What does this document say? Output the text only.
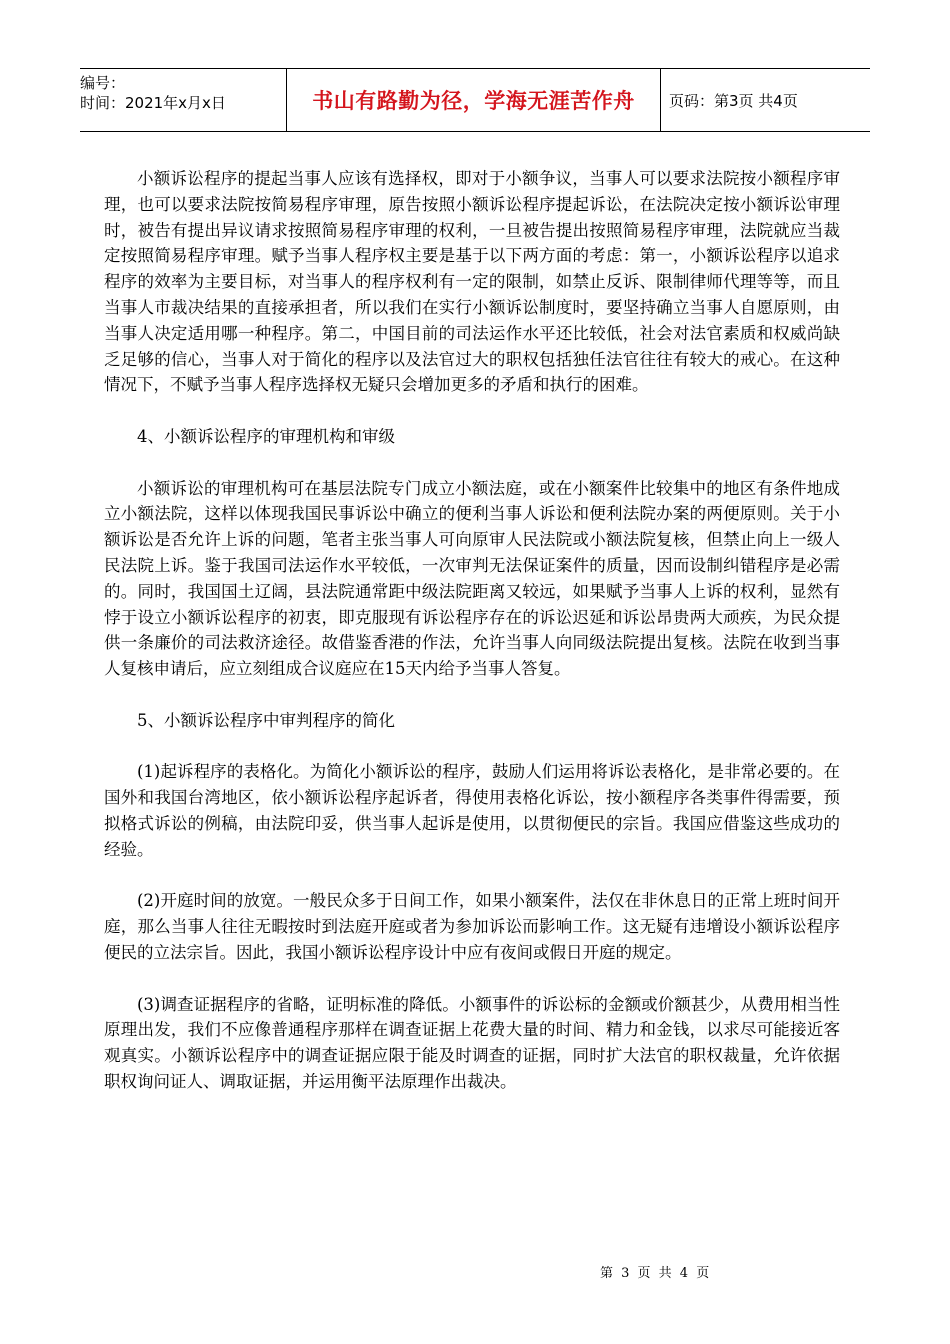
编号：
时间：2021年x月x日	书山有路勤为径，学海无涯苦作舟 页码：第3页 共4页

小额诉讼程序的提起当事人应该有选择权，即对于小额争议，当事人可以要求法院按小额程序审理，也可以要求法院按简易程序审理，原告按照小额诉讼程序提起诉讼，在法院决定按小额诉讼审理时，被告有提出异议请求按照简易程序审理的权利，一旦被告提出按照简易程序审理，法院就应当裁定按照简易程序审理。赋予当事人程序权主要是基于以下两方面的考虑：第一，小额诉讼程序以追求程序的效率为主要目标，对当事人的程序权利有一定的限制，如禁止反诉、限制律师代理等等，而且当事人市裁决结果的直接承担者，所以我们在实行小额诉讼制度时，要坚持确立当事人自愿原则，由当事人决定适用哪一种程序。第二，中国目前的司法运作水平还比较低，社会对法官素质和权威尚缺乏足够的信心，当事人对于简化的程序以及法官过大的职权包括独任法官往往有较大的戒心。在这种情况下，不赋予当事人程序选择权无疑只会增加更多的矛盾和执行的困难。

4、小额诉讼程序的审理机构和审级

小额诉讼的审理机构可在基层法院专门成立小额法庭，或在小额案件比较集中的地区有条件地成立小额法院，这样以体现我国民事诉讼中确立的便利当事人诉讼和便利法院办案的两便原则。关于小额诉讼是否允许上诉的问题，笔者主张当事人可向原审人民法院或小额法院复核，但禁止向上一级人民法院上诉。鉴于我国司法运作水平较低，一次审判无法保证案件的质量，因而设制纠错程序是必需的。同时，我国国土辽阔，县法院通常距中级法院距离又较远，如果赋予当事人上诉的权利，显然有悖于设立小额诉讼程序的初衷，即克服现有诉讼程序存在的诉讼迟延和诉讼昂贵两大顽疾，为民众提供一条廉价的司法救济途径。故借鉴香港的作法，允许当事人向同级法院提出复核。法院在收到当事人复核申请后，应立刻组成合议庭应在15天内给予当事人答复。

5、小额诉讼程序中审判程序的简化

(1)起诉程序的表格化。为简化小额诉讼的程序，鼓励人们运用将诉讼表格化，是非常必要的。在国外和我国台湾地区，依小额诉讼程序起诉者，得使用表格化诉讼，按小额程序各类事件得需要，预拟格式诉讼的例稿，由法院印妥，供当事人起诉是使用，以贯彻便民的宗旨。我国应借鉴这些成功的经验。

(2)开庭时间的放宽。一般民众多于日间工作，如果小额案件，法仅在非休息日的正常上班时间开庭，那么当事人往往无暇按时到法庭开庭或者为参加诉讼而影响工作。这无疑有违增设小额诉讼程序便民的立法宗旨。因此，我国小额诉讼程序设计中应有夜间或假日开庭的规定。

(3)调查证据程序的省略，证明标准的降低。小额事件的诉讼标的金额或价额甚少，从费用相当性原理出发，我们不应像普通程序那样在调查证据上花费大量的时间、精力和金钱，以求尽可能接近客观真实。小额诉讼程序中的调查证据应限于能及时调查的证据，同时扩大法官的职权裁量，允许依据职权询问证人、调取证据，并运用衡平法原理作出裁决。

第 3 页 共 4 页
